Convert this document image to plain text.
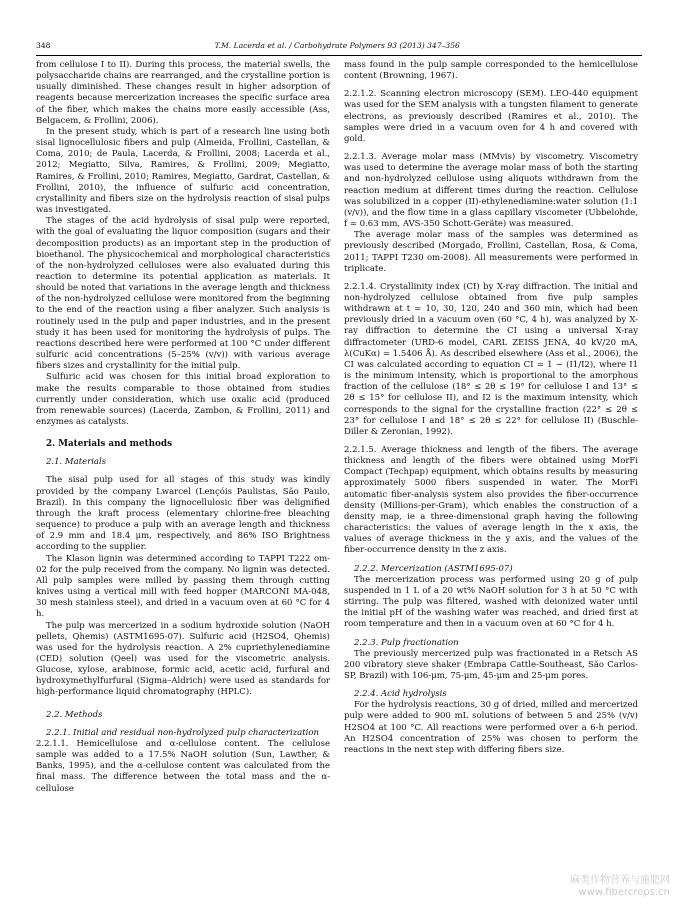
348	T.M. Lacerda et al. / Carbohydrate Polymers 93 (2013) 347–356

from cellulose I to II). During this process, the material swells, the polysaccharide chains are rearranged, and the crystalline portion is usually diminished. These changes result in higher adsorption of reagents because mercerization increases the specific surface area of the fiber, which makes the chains more easily accessible (Ass, Belgacem, & Frollini, 2006).

In the present study, which is part of a research line using both sisal lignocellulosic fibers and pulp (Almeida, Frollini, Castellan, & Coma, 2010; de Paula, Lacerda, & Frollini, 2008; Lacerda et al., 2012; Megiatto, Silva, Ramires, & Frollini, 2009; Megiatto, Ramires, & Frollini, 2010; Ramires, Megiatto, Gardrat, Castellan, & Frollini, 2010), the influence of sulfuric acid concentration, crystallinity and fibers size on the hydrolysis reaction of sisal pulps was investigated.

The stages of the acid hydrolysis of sisal pulp were reported, with the goal of evaluating the liquor composition (sugars and their decomposition products) as an important step in the production of bioethanol. The physicochemical and morphological characteristics of the non-hydrolyzed celluloses were also evaluated during this reaction to determine its potential application as materials. It should be noted that variations in the average length and thickness of the non-hydrolyzed cellulose were monitored from the beginning to the end of the reaction using a fiber analyzer. Such analysis is routinely used in the pulp and paper industries, and in the present study it has been used for monitoring the hydrolysis of pulps. The reactions described here were performed at 100 °C under different sulfuric acid concentrations (5–25% (v/v)) with various average fibers sizes and crystallinity for the initial pulp.

Sulfuric acid was chosen for this initial broad exploration to make the results comparable to those obtained from studies currently under consideration, which use oxalic acid (produced from renewable sources) (Lacerda, Zambon, & Frollini, 2011) and enzymes as catalysts.

2. Materials and methods

2.1. Materials

The sisal pulp used for all stages of this study was kindly provided by the company Lwarcel (Lençóis Paulistas, São Paulo, Brazil). In this company the lignocellulosic fiber was delignified through the kraft process (elementary chlorine-free bleaching sequence) to produce a pulp with an average length and thickness of 2.9 mm and 18.4 μm, respectively, and 86% ISO Brightness according to the supplier.

The Klason lignin was determined according to TAPPI T222 om-02 for the pulp received from the company. No lignin was detected. All pulp samples were milled by passing them through cutting knives using a vertical mill with feed hopper (MARCONI MA-048, 30 mesh stainless steel), and dried in a vacuum oven at 60 °C for 4 h.

The pulp was mercerized in a sodium hydroxide solution (NaOH pellets, Qhemis) (ASTM1695-07). Sulfuric acid (H2SO4, Qhemis) was used for the hydrolysis reaction. A 2% cupriethylenediamine (CED) solution (Qeel) was used for the viscometric analysis. Glucose, xylose, arabinose, formic acid, acetic acid, furfural and hydroxymethylfurfural (Sigma–Aldrich) were used as standards for high-performance liquid chromatography (HPLC).

2.2. Methods

2.2.1. Initial and residual non-hydrolyzed pulp characterization

2.2.1.1. Hemicellulose and α-cellulose content. The cellulose sample was added to a 17.5% NaOH solution (Sun, Lawther, & Banks, 1995), and the α-cellulose content was calculated from the final mass. The difference between the total mass and the α-cellulose

mass found in the pulp sample corresponded to the hemicellulose content (Browning, 1967).

2.2.1.2. Scanning electron microscopy (SEM). LEO-440 equipment was used for the SEM analysis with a tungsten filament to generate electrons, as previously described (Ramires et al., 2010). The samples were dried in a vacuum oven for 4 h and covered with gold.

2.2.1.3. Average molar mass (MMvis) by viscometry. Viscometry was used to determine the average molar mass of both the starting and non-hydrolyzed cellulose using aliquots withdrawn from the reaction medium at different times during the reaction. Cellulose was solubilized in a copper (II)-ethylenediamine:water solution (1:1 (v/v)), and the flow time in a glass capillary viscometer (Ubbelohde, f = 0.63 mm, AVS-350 Schott-Geräte) was measured.

The average molar mass of the samples was determined as previously described (Morgado, Frollini, Castellan, Rosa, & Coma, 2011; TAPPI T230 om-2008). All measurements were performed in triplicate.

2.2.1.4. Crystallinity index (CI) by X-ray diffraction. The initial and non-hydrolyzed cellulose obtained from five pulp samples withdrawn at t = 10, 30, 120, 240 and 360 min, which had been previously dried in a vacuum oven (60 °C, 4 h), was analyzed by X-ray diffraction to determine the CI using a universal X-ray diffractometer (URD-6 model, CARL ZEISS JENA, 40 kV/20 mA, λ(CuKα) = 1.5406 Å). As described elsewhere (Ass et al., 2006), the CI was calculated according to equation CI = 1 − (I1/I2), where I1 is the minimum intensity, which is proportional to the amorphous fraction of the cellulose (18° ≤ 2θ ≤ 19° for cellulose I and 13° ≤ 2θ ≤ 15° for cellulose II), and I2 is the maximum intensity, which corresponds to the signal for the crystalline fraction (22° ≤ 2θ ≤ 23° for cellulose I and 18° ≤ 2θ ≤ 22° for cellulose II) (Buschle-Diller & Zeronian, 1992).

2.2.1.5. Average thickness and length of the fibers. The average thickness and length of the fibers were obtained using MorFi Compact (Techpap) equipment, which obtains results by measuring approximately 5000 fibers suspended in water. The MorFi automatic fiber-analysis system also provides the fiber-occurrence density (Millions-per-Gram), which enables the construction of a density map, ie a three-dimensional graph having the following characteristics: the values of average length in the x axis, the values of average thickness in the y axis, and the values of the fiber-occurrence density in the z axis.

2.2.2. Mercerization (ASTM1695-07)

The mercerization process was performed using 20 g of pulp suspended in 1 L of a 20 wt% NaOH solution for 3 h at 50 °C with stirring. The pulp was filtered, washed with deionized water until the initial pH of the washing water was reached, and dried first at room temperature and then in a vacuum oven at 60 °C for 4 h.

2.2.3. Pulp fractionation

The previously mercerized pulp was fractionated in a Retsch AS 200 vibratory sieve shaker (Embrapa Cattle-Southeast, São Carlos-SP, Brazil) with 106-μm, 75-μm, 45-μm and 25-μm pores.

2.2.4. Acid hydrolysis

For the hydrolysis reactions, 30 g of dried, milled and mercerized pulp were added to 900 mL solutions of between 5 and 25% (v/v) H2SO4 at 100 °C. All reactions were performed over a 6-h period. An H2SO4 concentration of 25% was chosen to perform the reactions in the next step with differing fibers size.

麻类作物营养与施肥网
www.fibercrops.cn
